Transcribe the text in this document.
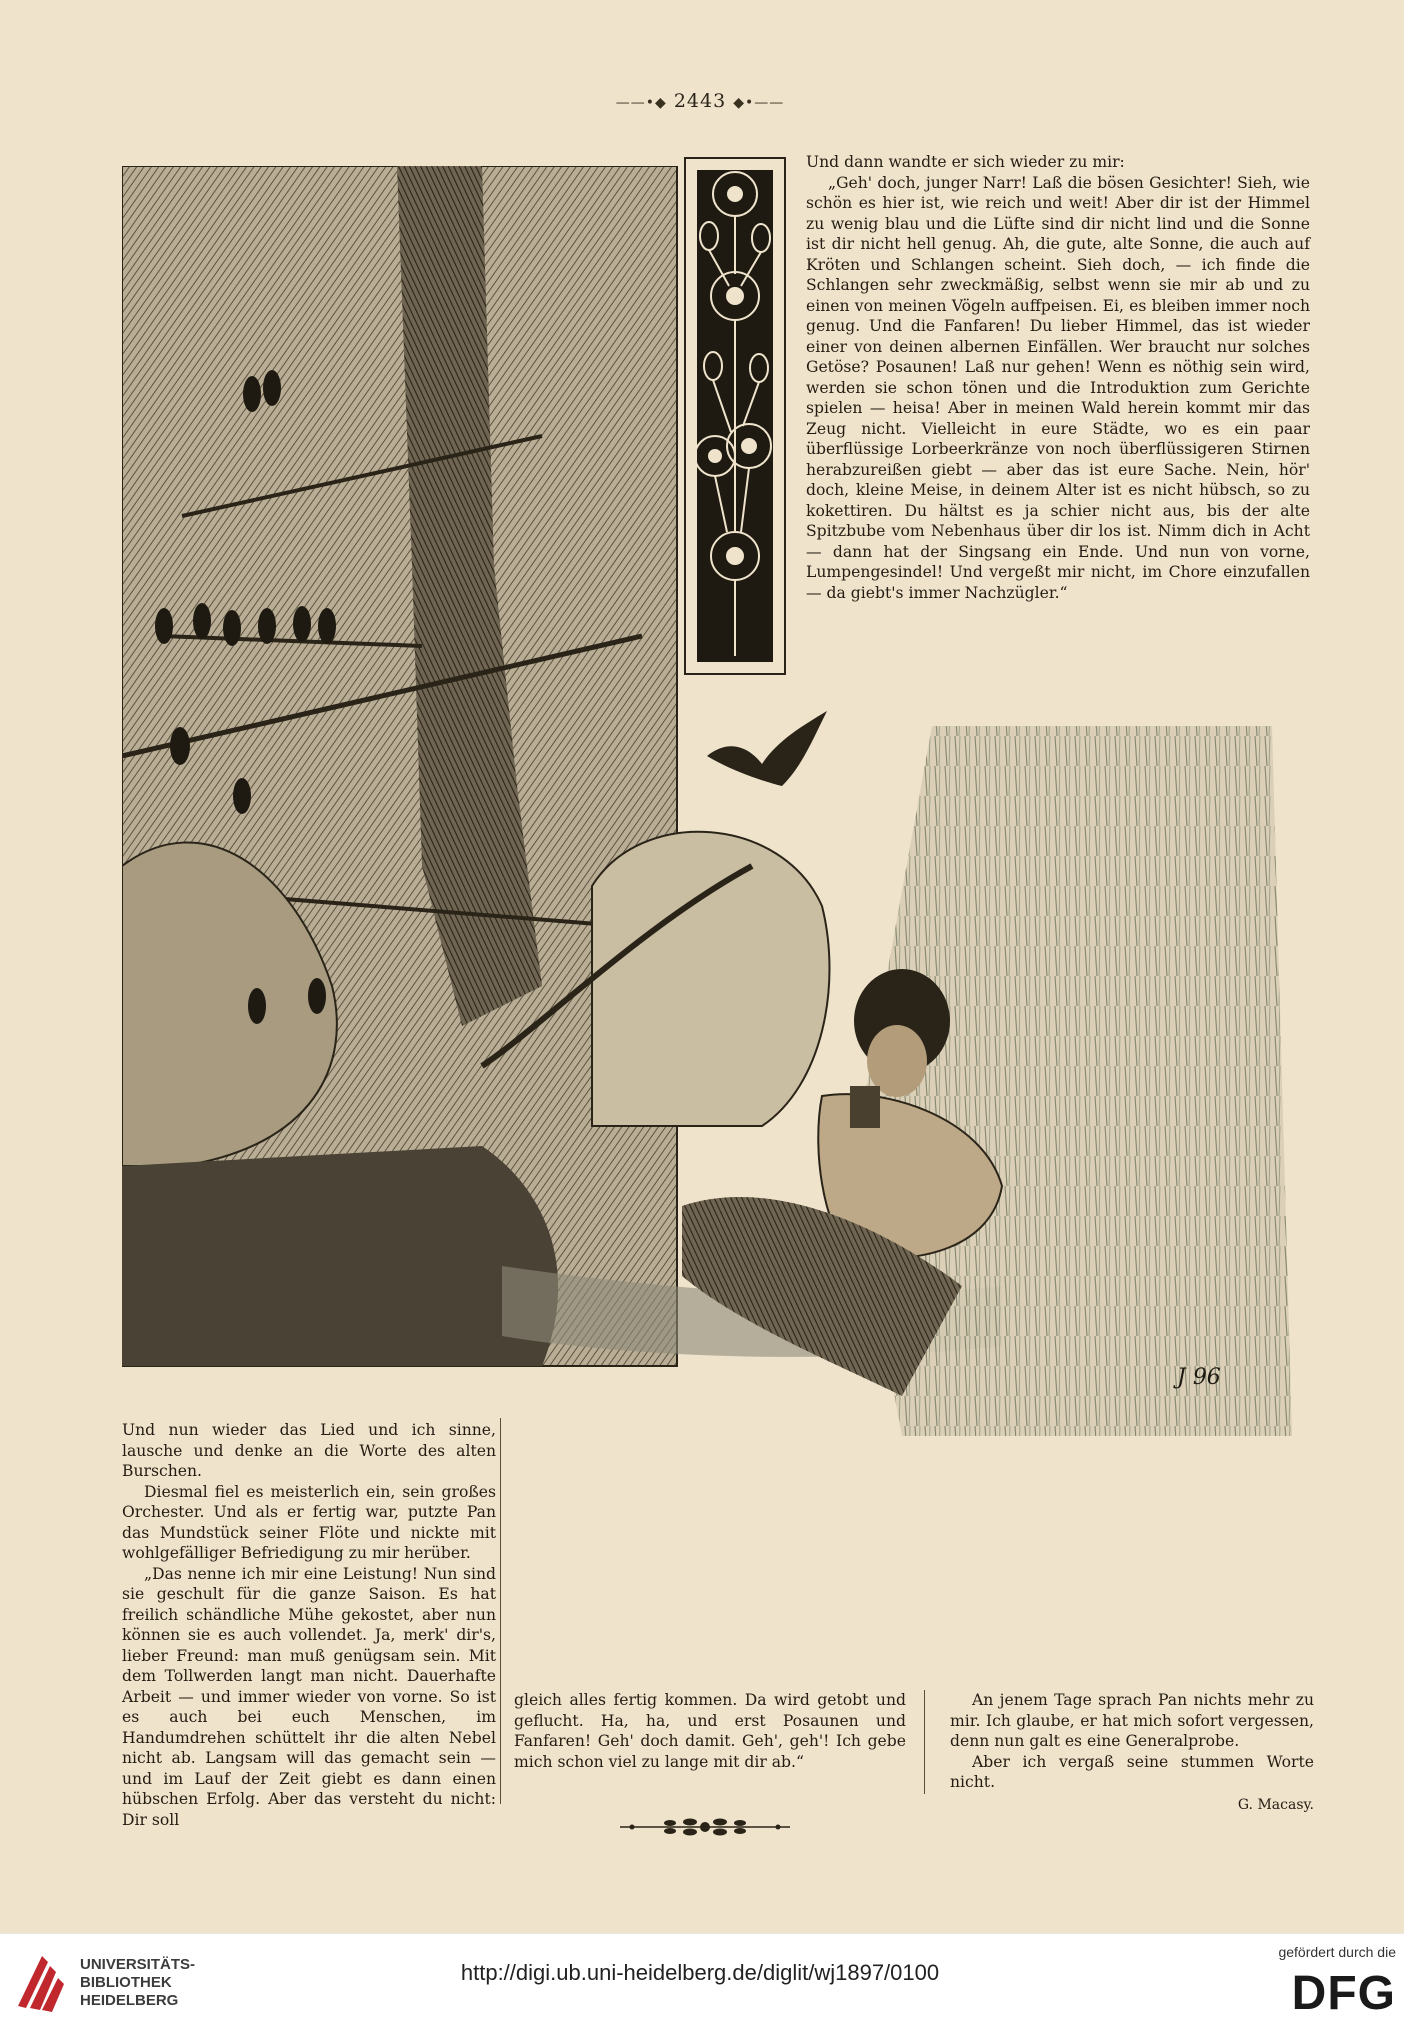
——•◆ 2443 ◆•——
J 96

Und dann wandte er sich wieder zu mir:

„Geh' doch, junger Narr! Laß die bösen Gesichter! Sieh, wie schön es hier ist, wie reich und weit! Aber dir ist der Himmel zu wenig blau und die Lüfte sind dir nicht lind und die Sonne ist dir nicht hell genug. Ah, die gute, alte Sonne, die auch auf Kröten und Schlangen scheint. Sieh doch, — ich finde die Schlangen sehr zweckmäßig, selbst wenn sie mir ab und zu einen von meinen Vögeln auffpeisen. Ei, es bleiben immer noch genug. Und die Fanfaren! Du lieber Himmel, das ist wieder einer von deinen albernen Einfällen. Wer braucht nur solches Getöse? Posaunen! Laß nur gehen! Wenn es nöthig sein wird, werden sie schon tönen und die Introduktion zum Gerichte spielen — heisa! Aber in meinen Wald herein kommt mir das Zeug nicht. Vielleicht in eure Städte, wo es ein paar überflüssige Lorbeerkränze von noch überflüssigeren Stirnen herabzureißen giebt — aber das ist eure Sache. Nein, hör' doch, kleine Meise, in deinem Alter ist es nicht hübsch, so zu kokettiren. Du hältst es ja schier nicht aus, bis der alte Spitzbube vom Nebenhaus über dir los ist. Nimm dich in Acht — dann hat der Singsang ein Ende. Und nun von vorne, Lumpengesindel! Und vergeßt mir nicht, im Chore einzufallen — da giebt's immer Nachzügler.“

Und nun wieder das Lied und ich sinne, lausche und denke an die Worte des alten Burschen.

Diesmal fiel es meisterlich ein, sein großes Orchester. Und als er fertig war, putzte Pan das Mundstück seiner Flöte und nickte mit wohlgefälliger Befriedigung zu mir herüber.

„Das nenne ich mir eine Leistung! Nun sind sie geschult für die ganze Saison. Es hat freilich schändliche Mühe gekostet, aber nun können sie es auch vollendet. Ja, merk' dir's, lieber Freund: man muß genügsam sein. Mit dem Tollwerden langt man nicht. Dauerhafte Arbeit — und immer wieder von vorne. So ist es auch bei euch Menschen, im Handumdrehen schüttelt ihr die alten Nebel nicht ab. Langsam will das gemacht sein — und im Lauf der Zeit giebt es dann einen hübschen Erfolg. Aber das versteht du nicht: Dir soll

gleich alles fertig kommen. Da wird getobt und geflucht. Ha, ha, und erst Posaunen und Fanfaren! Geh' doch damit. Geh', geh'! Ich gebe mich schon viel zu lange mit dir ab.“

An jenem Tage sprach Pan nichts mehr zu mir. Ich glaube, er hat mich sofort vergessen, denn nun galt es eine Generalprobe.

Aber ich vergaß seine stummen Worte nicht.

G. Macasy.
UNIVERSITÄTS-
BIBLIOTHEK
HEIDELBERG
http://digi.ub.uni-heidelberg.de/diglit/wj1897/0100
gefördert durch die
DFG
